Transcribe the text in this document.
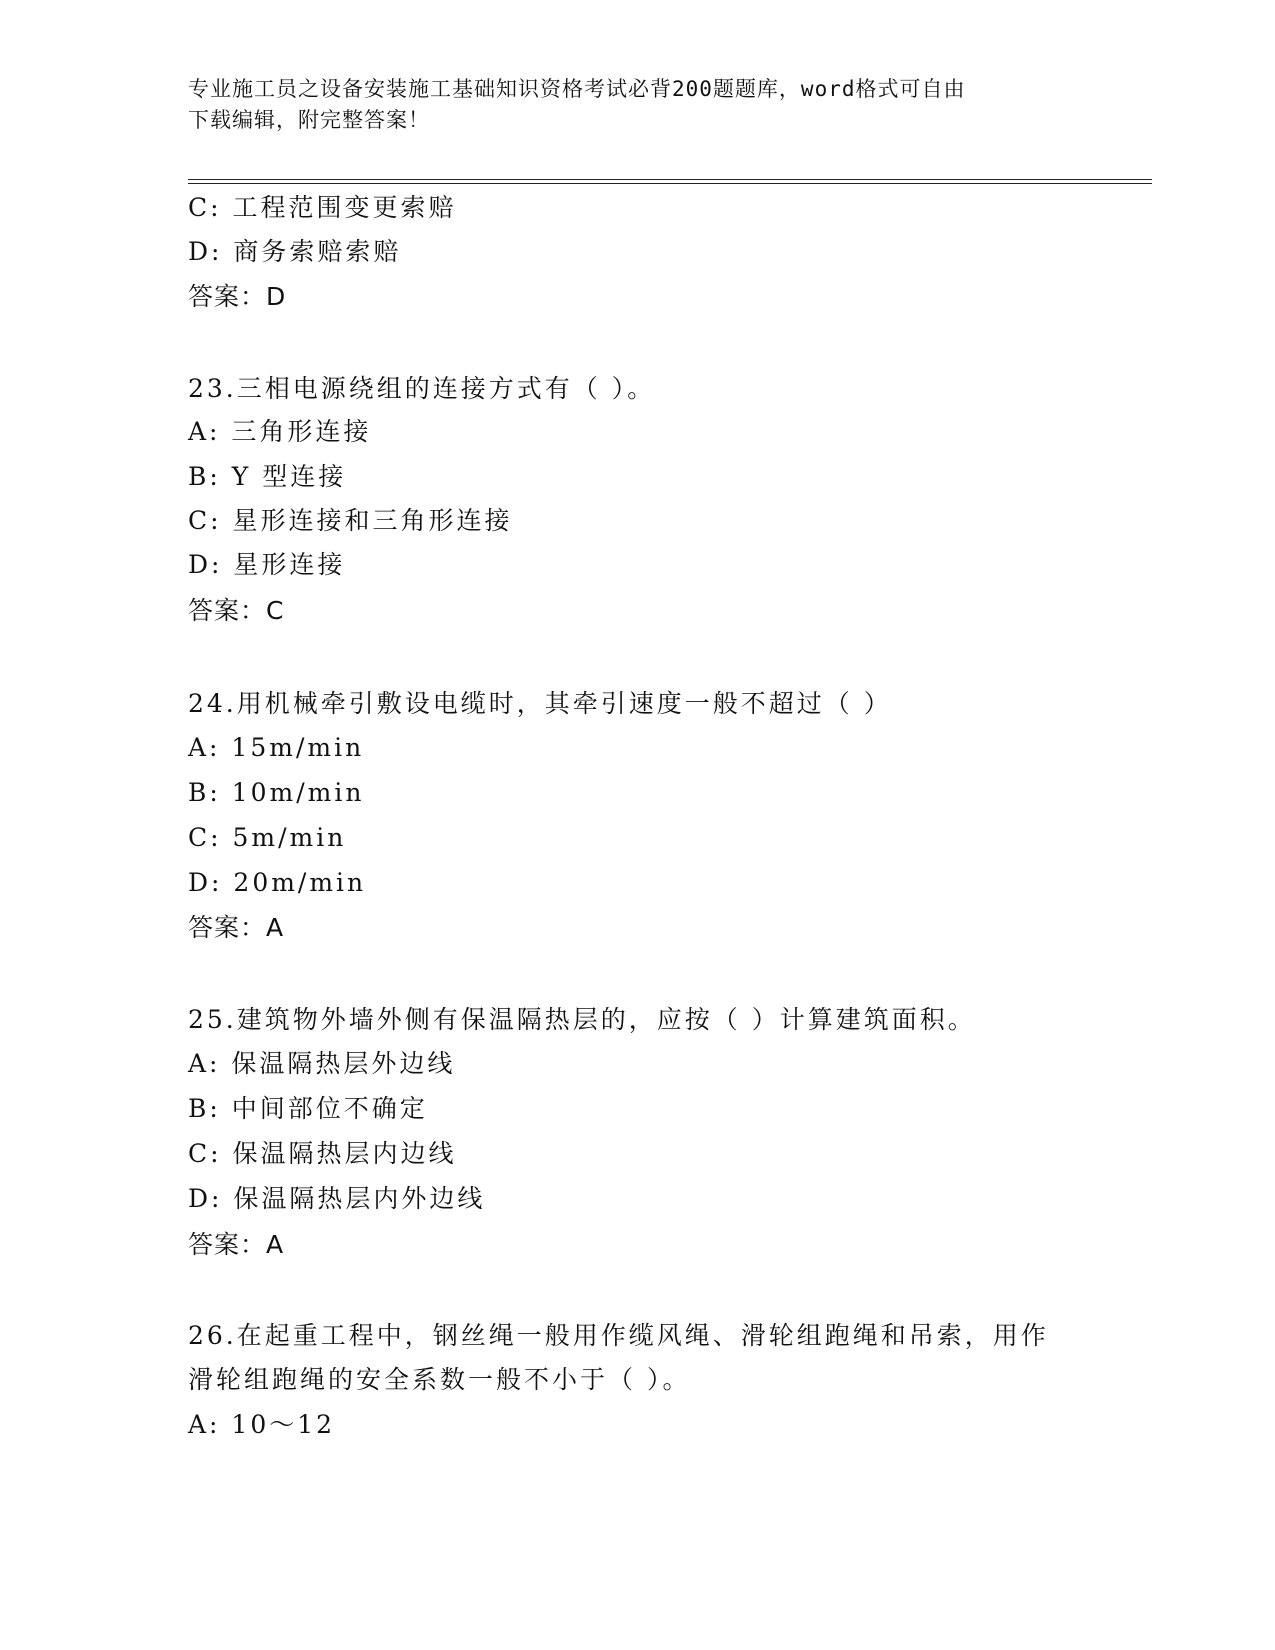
专业施工员之设备安装施工基础知识资格考试必背200题题库，word格式可自由
下载编辑，附完整答案！

C: 工程范围变更索赔

D: 商务索赔索赔

答案：D

23.三相电源绕组的连接方式有（ ）。

A: 三角形连接

B: Y 型连接

C: 星形连接和三角形连接

D: 星形连接

答案：C

24.用机械牵引敷设电缆时，其牵引速度一般不超过（ ）

A: 15m/min

B: 10m/min

C: 5m/min

D: 20m/min

答案：A

25.建筑物外墙外侧有保温隔热层的，应按（ ）计算建筑面积。

A: 保温隔热层外边线

B: 中间部位不确定

C: 保温隔热层内边线

D: 保温隔热层内外边线

答案：A

26.在起重工程中，钢丝绳一般用作缆风绳、滑轮组跑绳和吊索，用作

滑轮组跑绳的安全系数一般不小于（ ）。

A: 10～12
